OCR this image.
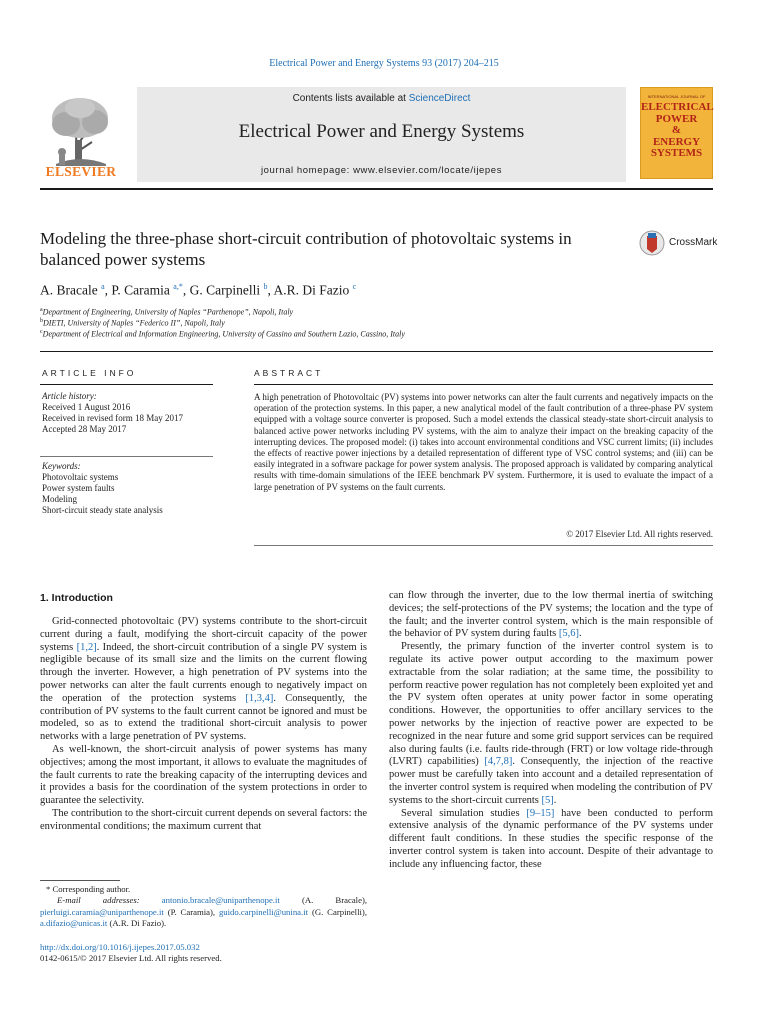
Electrical Power and Energy Systems 93 (2017) 204–215
Contents lists available at ScienceDirect
Electrical Power and Energy Systems
journal homepage: www.elsevier.com/locate/ijepes
ELSEVIER
INTERNATIONAL JOURNAL OF
ELECTRICAL
POWER
&
ENERGY
SYSTEMS
Modeling the three-phase short-circuit contribution of photovoltaic systems in balanced power systems
CrossMark
A. Bracale $^a$, P. Caramia $^{a,*}$, G. Carpinelli $^b$, A.R. Di Fazio $^c$
$^a$Department of Engineering, University of Naples “Parthenope”, Napoli, Italy
$^b$DIETI, University of Naples “Federico II”, Napoli, Italy
$^c$Department of Electrical and Information Engineering, University of Cassino and Southern Lazio, Cassino, Italy
ARTICLE INFO
Article history:
Received 1 August 2016
Received in revised form 18 May 2017
Accepted 28 May 2017
Keywords:
Photovoltaic systems
Power system faults
Modeling
Short-circuit steady state analysis
ABSTRACT
A high penetration of Photovoltaic (PV) systems into power networks can alter the fault currents and negatively impacts on the operation of the protection systems. In this paper, a new analytical model of the fault contribution of a three-phase PV system equipped with a voltage source converter is proposed. Such a model extends the classical steady-state short-circuit analysis to balanced active power networks including PV systems, with the aim to analyze their impact on the breaking capacity of the interrupting devices. The proposed model: (i) takes into account environmental conditions and VSC current limits; (ii) includes the effects of reactive power injections by a detailed representation of different type of VSC control systems; and (iii) can be easily integrated in a software package for power system analysis. The proposed approach is validated by comparing analytical results with time-domain simulations of the IEEE benchmark PV system. Furthermore, it is used to evaluate the impact of a large penetration of PV systems on the fault currents.
© 2017 Elsevier Ltd. All rights reserved.
1. Introduction

Grid-connected photovoltaic (PV) systems contribute to the short-circuit current during a fault, modifying the short-circuit capacity of the power systems [1,2]. Indeed, the short-circuit contribution of a single PV system is negligible because of its small size and the limits on the current flowing through the inverter. However, a high penetration of PV systems into the power networks can alter the fault currents enough to negatively impact on the operation of the protection systems [1,3,4]. Consequently, the contribution of PV systems to the fault current cannot be ignored and must be modeled, so as to extend the traditional short-circuit analysis to power networks with a large penetration of PV systems.

As well-known, the short-circuit analysis of power systems has many objectives; among the most important, it allows to evaluate the magnitudes of the fault currents to rate the breaking capacity of the interrupting devices and it provides a basis for the coordination of the system protections in order to guarantee the selectivity.

The contribution to the short-circuit current depends on several factors: the environmental conditions; the maximum current that

* Corresponding author.
E-mail addresses:	antonio.bracale@uniparthenope.it (A. Bracale), pierluigi.caramia@uniparthenope.it (P. Caramia), guido.carpinelli@unina.it (G. Carpinelli), a.difazio@unicas.it (A.R. Di Fazio).
http://dx.doi.org/10.1016/j.ijepes.2017.05.032
0142-0615/© 2017 Elsevier Ltd. All rights reserved.

can flow through the inverter, due to the low thermal inertia of switching devices; the self-protections of the PV systems; the location and the type of the fault; and the inverter control system, which is the main responsible of the behavior of PV system during faults [5,6].

Presently, the primary function of the inverter control system is to regulate its active power output according to the maximum power extractable from the solar radiation; at the same time, the possibility to perform reactive power regulation has not completely been exploited yet and the PV system often operates at unity power factor in some operating conditions. However, the opportunities to offer ancillary services to the power networks by the injection of reactive power are expected to be recognized in the near future and some grid support services can be required also during faults (i.e. faults ride-through (FRT) or low voltage ride-through (LVRT) capabilities) [4,7,8]. Consequently, the injection of the reactive power must be carefully taken into account and a detailed representation of the inverter control system is required when modeling the contribution of PV systems to the short-circuit currents [5].

Several simulation studies [9–15] have been conducted to perform extensive analysis of the dynamic performance of the PV systems under different fault conditions. In these studies the specific response of the inverter control system is taken into account. Despite of their advantage to include any influencing factor, these
